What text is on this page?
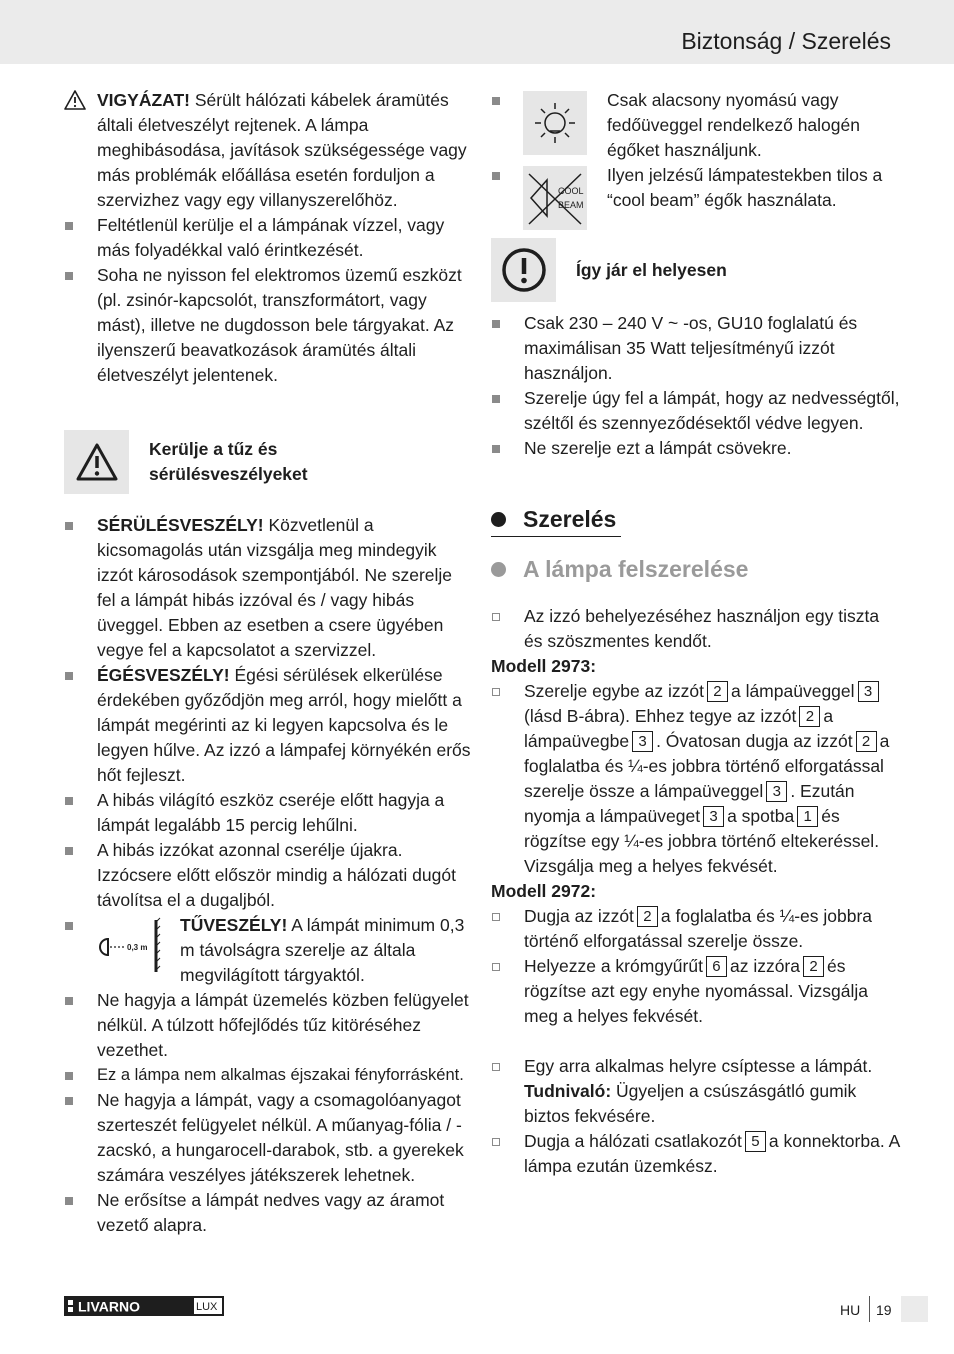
Biztonság / Szerelés
VIGYÁZAT! Sérült hálózati kábelek áramütés általi életveszélyt rejtenek. A lámpa meghibásodása, javítások szükségessége vagy más problémák előállása esetén forduljon a szervizhez vagy egy villanyszerelőhöz.
Feltétlenül kerülje el a lámpának vízzel, vagy más folyadékkal való érintkezését.
Soha ne nyisson fel elektromos üzemű eszközt (pl. zsinór-kapcsolót, transzformátort, vagy mást), illetve ne dugdosson bele tárgyakat. Az ilyenszerű beavatkozások áramütés általi életveszélyt jelentenek.
Kerülje a tűz és
sérülésveszélyeket
SÉRÜLÉSVESZÉLY! Közvetlenül a kicsomagolás után vizsgálja meg mindegyik izzót károsodások szempontjából. Ne szerelje fel a lámpát hibás izzóval és / vagy hibás üveggel. Ebben az esetben a csere ügyében vegye fel a kapcsolatot a szervizzel.
ÉGÉSVESZÉLY! Égési sérülések elkerülése érdekében győződjön meg arról, hogy mielőtt a lámpát megérinti az ki legyen kapcsolva és le legyen hűlve. Az izzó a lámpafej környékén erős hőt fejleszt.
A hibás világító eszköz cseréje előtt hagyja a lámpát legalább 15 percig lehűlni.
A hibás izzókat azonnal cserélje újakra. Izzócsere előtt először mindig a hálózati dugót távolítsa el a dugaljból.
0,3 m
TŰVESZÉLY! A lámpát minimum 0,3 m távolságra szerelje az általa megvilágított tárgyaktól.
Ne hagyja a lámpát üzemelés közben felügyelet nélkül. A túlzott hőfejlődés tűz kitöréséhez vezethet.
Ez a lámpa nem alkalmas éjszakai fényforrásként.
Ne hagyja a lámpát, vagy a csomagolóanyagot szerteszét felügyelet nélkül. A műanyag-fólia / -zacskó, a hungarocell-darabok, stb. a gyerekek számára veszélyes játékszerek lehetnek.
Ne erősítse a lámpát nedves vagy az áramot vezető alapra.
Csak alacsony nyomású vagy fedőüveggel rendelkező halogén égőket használjunk.
COOL
BEAM
Ilyen jelzésű lámpatestekben tilos a “cool beam” égők használata.
Így jár el helyesen
Csak 230 – 240 V ~ -os, GU10 foglalatú és maximálisan 35 Watt teljesítményű izzót használjon.
Szerelje úgy fel a lámpát, hogy az nedvességtől, széltől és szennyeződésektől védve legyen.
Ne szerelje ezt a lámpát csövekre.
Szerelés
A lámpa felszerelése
Az izzó behelyezéséhez használjon egy tiszta és szöszmentes kendőt.
Modell 2973:
Szerelje egybe az izzót 2 a lámpaüveggel 3(lásd B-ábra). Ehhez tegye az izzót 2 a lámpaüvegbe 3 . Óvatosan dugja az izzót 2 a foglalatba és ¼-es jobbra történő elforgatással szerelje össze a lámpaüveggel 3 . Ezután nyomja a lámpaüveget 3 a spotba 1 és rögzítse egy ¼-es jobbra történő eltekeréssel. Vizsgálja meg a helyes fekvését.
Modell 2972:
Dugja az izzót 2 a foglalatba és ¼-es jobbra történő elforgatással szerelje össze.
Helyezze a krómgyűrűt 6 az izzóra 2 és rögzítse azt egy enyhe nyomással. Vizsgálja meg a helyes fekvését.
Egy arra alkalmas helyre csíptesse a lámpát.
Tudnivaló: Ügyeljen a csúszásgátló gumik biztos fekvésére.
Dugja a hálózati csatlakozót 5 a konnektorba. A lámpa ezután üzemkész.
LIVARNO	LUX	HU 19
